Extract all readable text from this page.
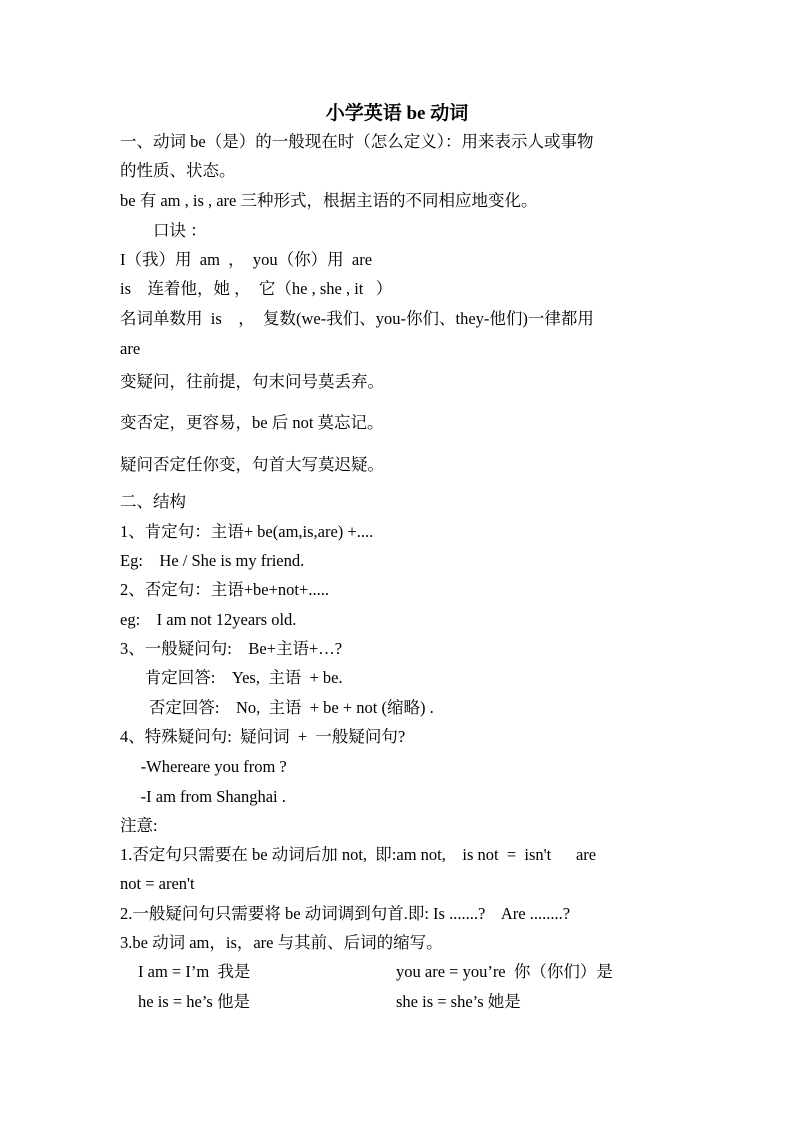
小学英语 be 动词
一、动词 be（是）的一般现在时（怎么定义）：用来表示人或事物
的性质、状态。
be 有 am , is , are 三种形式，根据主语的不同相应地变化。
口诀 ：
I（我）用  am  ，  you（你）用  are
is    连着他，她 ，  它（he , she , it   ）
名词单数用  is    ，  复数(we-我们、you-你们、they-他们)一律都用
are
变疑问，往前提，句末问号莫丢弃。
变否定，更容易，be 后 not 莫忘记。
疑问否定任你变，句首大写莫迟疑。
二、结构
1、肯定句：主语+ be(am,is,are) +....
Eg:    He / She is my friend.
2、否定句：主语+be+not+.....
eg:    I am not 12years old.
3、一般疑问句:    Be+主语+…?
肯定回答:    Yes,  主语  + be.
否定回答:    No,  主语  + be + not (缩略) .
4、特殊疑问句:  疑问词  +  一般疑问句?
-Whereare you from ?
-I am from Shanghai .
注意:
1.否定句只需要在 be 动词后加 not,  即:am not,    is not  =  isn't      are
not = aren't
2.一般疑问句只需要将 be 动词调到句首.即: Is .......?    Are ........?
3.be 动词 am，is，are 与其前、后词的缩写。
I am = I’m  我是	you are = you’re  你（你们）是
he is = he’s 他是	she is = she’s 她是
